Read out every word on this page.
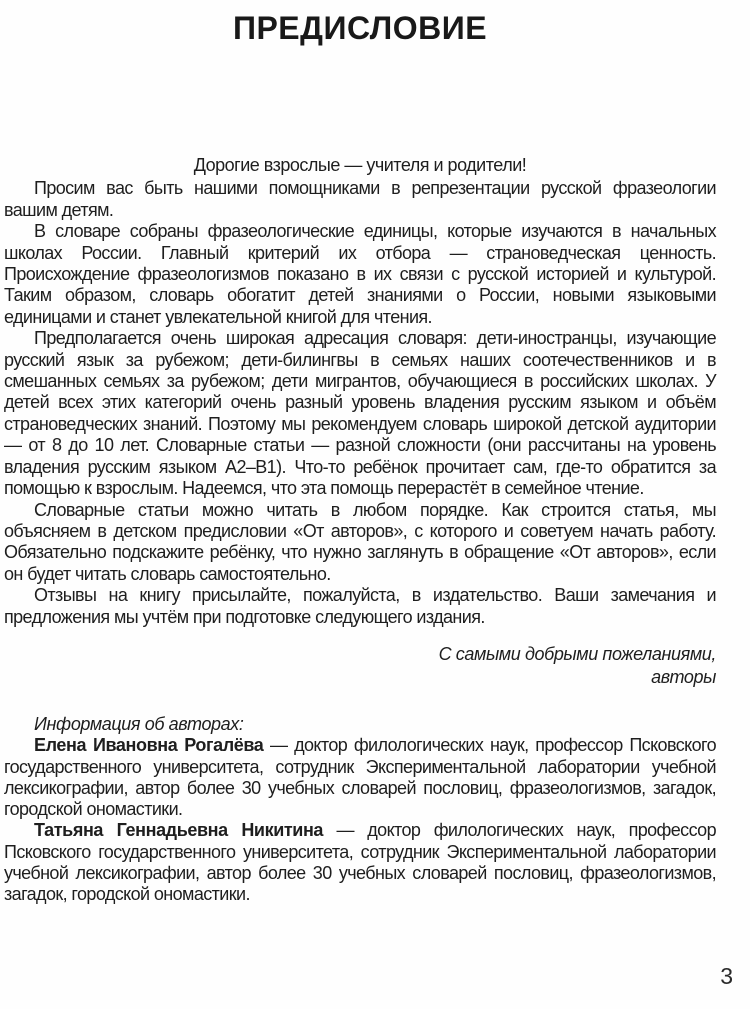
ПРЕДИСЛОВИЕ
Дорогие взрослые — учителя и родители!

Просим вас быть нашими помощниками в репрезентации русской фразеологии вашим детям.

В словаре собраны фразеологические единицы, которые изучаются в начальных школах России. Главный критерий их отбора — страноведческая ценность. Происхождение фразеологизмов показано в их связи с русской историей и культурой. Таким образом, словарь обогатит детей знаниями о России, новыми языковыми единицами и станет увлекательной книгой для чтения.

Предполагается очень широкая адресация словаря: дети-иностранцы, изучающие русский язык за рубежом; дети-билингвы в семьях наших соотечественников и в смешанных семьях за рубежом; дети мигрантов, обучающиеся в российских школах. У детей всех этих категорий очень разный уровень владения русским языком и объём страноведческих знаний. Поэтому мы рекомендуем словарь широкой детской аудитории — от 8 до 10 лет. Словарные статьи — разной сложности (они рассчитаны на уровень владения русским языком А2–В1). Что-то ребёнок прочитает сам, где-то обратится за помощью к взрослым. Надеемся, что эта помощь перерастёт в семейное чтение.

Словарные статьи можно читать в любом порядке. Как строится статья, мы объясняем в детском предисловии «От авторов», с которого и советуем начать работу. Обязательно подскажите ребёнку, что нужно заглянуть в обращение «От авторов», если он будет читать словарь самостоятельно.

Отзывы на книгу присылайте, пожалуйста, в издательство. Ваши замечания и предложения мы учтём при подготовке следующего издания.

С самыми добрыми пожеланиями,
авторы
Информация об авторах:

Елена Ивановна Рогалёва — доктор филологических наук, профессор Псковского государственного университета, сотрудник Экспериментальной лаборатории учебной лексикографии, автор более 30 учебных словарей пословиц, фразеологизмов, загадок, городской ономастики.

Татьяна Геннадьевна Никитина — доктор филологических наук, профессор Псковского государственного университета, сотрудник Экспериментальной лаборатории учебной лексикографии, автор более 30 учебных словарей пословиц, фразеологизмов, загадок, городской ономастики.

3
